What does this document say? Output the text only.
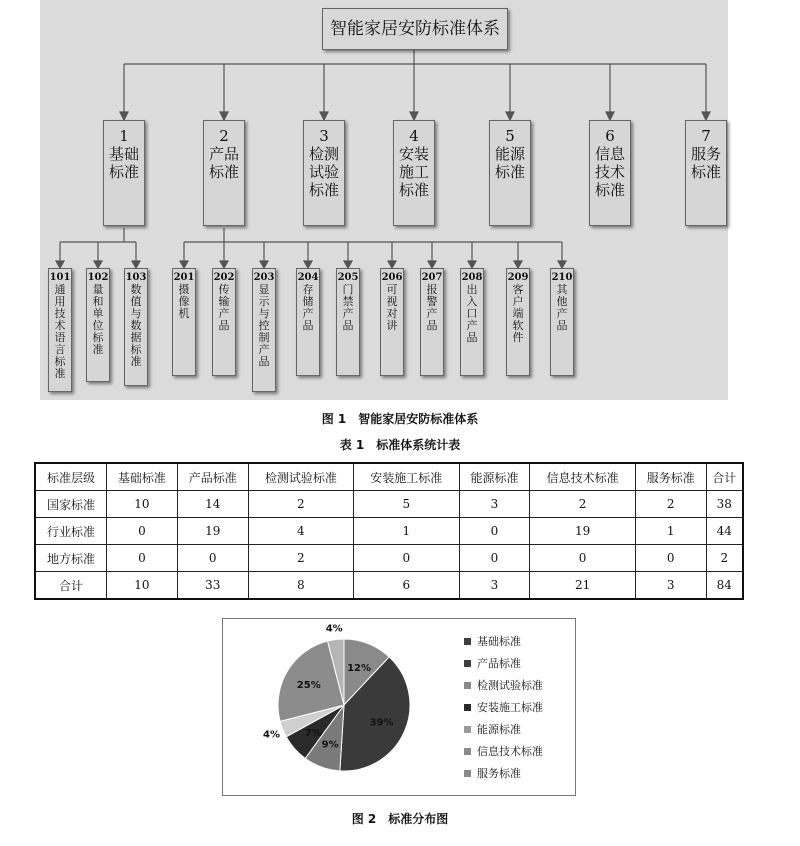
智能家居安防标准体系
1
基础标准
2
产品标准
3
检测试验标准
4
安装施工标准
5
能源标准
6
信息技术标准
7
服务标准
101
通用技术语言标准
102
量和单位标准
103
数值与数据标准
201
摄像机
202
传输产品
203
显示与控制产品
204
存储产品
205
门禁产品
206
可视对讲
207
报警产品
208
出入口产品
209
客户端软件
210
其他产品
图 1　智能家居安防标准体系
表 1　标准体系统计表
标准层级	基础标准	产品标准	检测试验标准	安装施工标准	能源标准	信息技术标准	服务标准	合计
国家标准	10	14	2	5	3	2	2	38
行业标准	0	19	4	1	0	19	1	44
地方标准	0	0	2	0	0	0	0	2
合计	10	33	8	6	3	21	3	84
12%
39%
9%
7%
4%
25%
4%
基础标准
产品标准
检测试验标准
安装施工标准
能源标准
信息技术标准
服务标准
图 2　标准分布图
